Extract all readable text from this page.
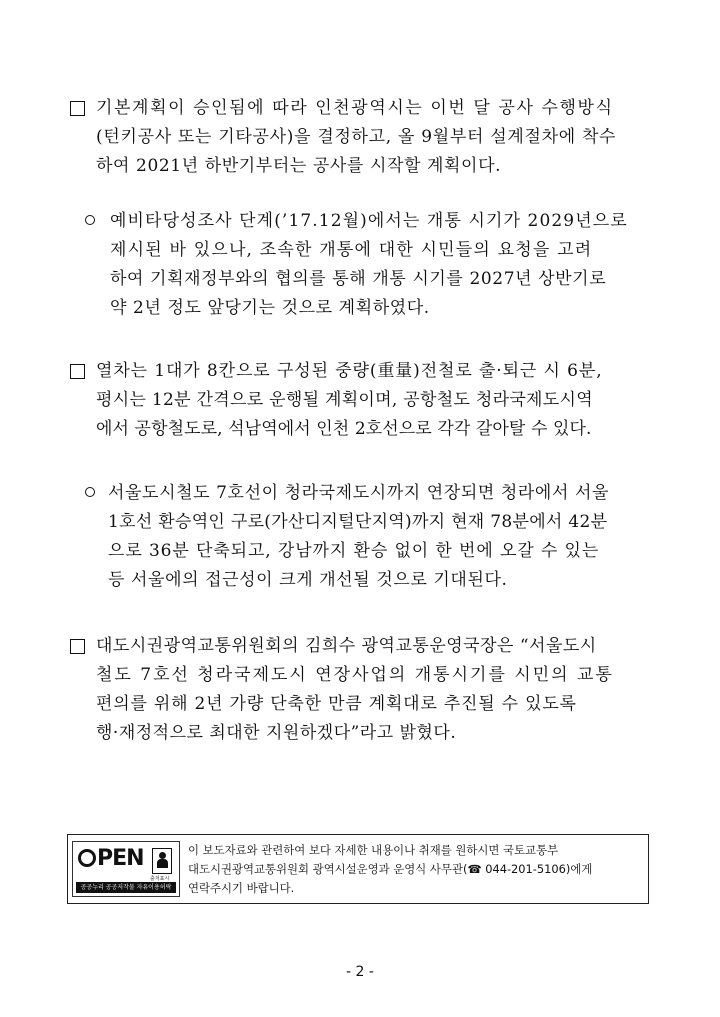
기본계획이 승인됨에 따라 인천광역시는 이번 달 공사 수행방식
(턴키공사 또는 기타공사)을 결정하고, 올 9월부터 설계절차에 착수
하여 2021년 하반기부터는 공사를 시작할 계획이다.
예비타당성조사 단계(’17.12월)에서는 개통 시기가 2029년으로
제시된 바 있으나, 조속한 개통에 대한 시민들의 요청을 고려
하여 기획재정부와의 협의를 통해 개통 시기를 2027년 상반기로
약 2년 정도 앞당기는 것으로 계획하였다.
열차는 1대가 8칸으로 구성된 중량(重量)전철로 출·퇴근 시 6분,
평시는 12분 간격으로 운행될 계획이며, 공항철도 청라국제도시역
에서 공항철도로, 석남역에서 인천 2호선으로 각각 갈아탈 수 있다.
서울도시철도 7호선이 청라국제도시까지 연장되면 청라에서 서울
1호선 환승역인 구로(가산디지털단지역)까지 현재 78분에서 42분
으로 36분 단축되고, 강남까지 환승 없이 한 번에 오갈 수 있는
등 서울에의 접근성이 크게 개선될 것으로 기대된다.
대도시권광역교통위원회의 김희수 광역교통운영국장은 “서울도시
철도 7호선 청라국제도시 연장사업의 개통시기를 시민의 교통
편의를 위해 2년 가량 단축한 만큼 계획대로 추진될 수 있도록
행·재정적으로 최대한 지원하겠다”라고 밝혔다.
PEN
출처표시
공공누리 공공저작물 자유이용허락
이 보도자료와 관련하여 보다 자세한 내용이나 취재를 원하시면 국토교통부
대도시권광역교통위원회 광역시설운영과 운영식 사무관(☎ 044-201-5106)에게
연락주시기 바랍니다.
- 2 -
